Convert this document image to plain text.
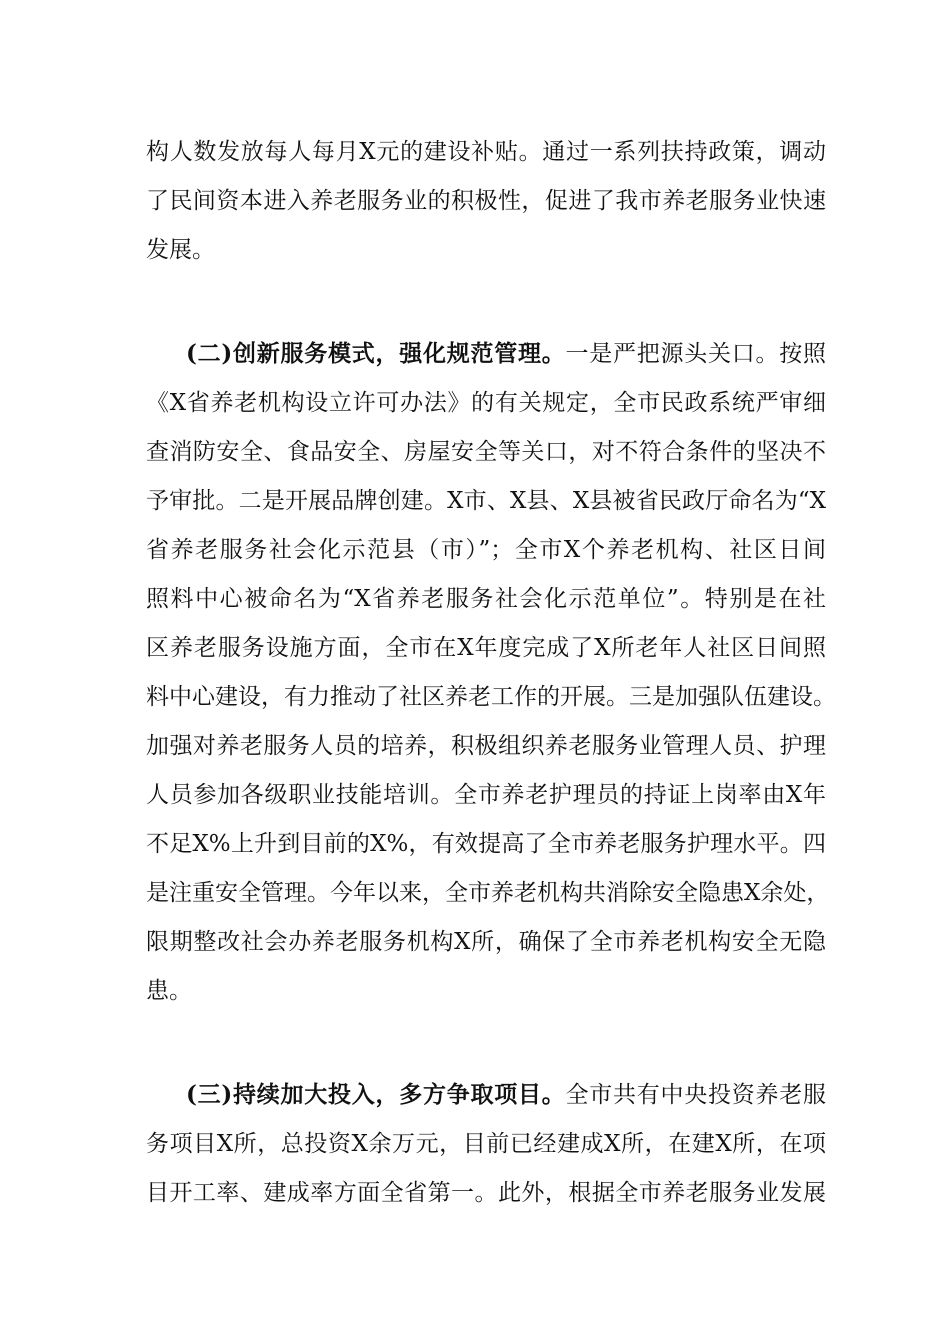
构人数发放每人每月X元的建设补贴。通过一系列扶持政策，调动
了民间资本进入养老服务业的积极性，促进了我市养老服务业快速
发展。
(二)创新服务模式，强化规范管理。一是严把源头关口。按照
《X省养老机构设立许可办法》的有关规定，全市民政系统严审细
查消防安全、食品安全、房屋安全等关口，对不符合条件的坚决不
予审批。二是开展品牌创建。X市、X县、X县被省民政厅命名为“X
省养老服务社会化示范县（市）”；全市X个养老机构、社区日间
照料中心被命名为“X省养老服务社会化示范单位”。特别是在社
区养老服务设施方面，全市在X年度完成了X所老年人社区日间照
料中心建设，有力推动了社区养老工作的开展。三是加强队伍建设。
加强对养老服务人员的培养，积极组织养老服务业管理人员、护理
人员参加各级职业技能培训。全市养老护理员的持证上岗率由X年
不足X%上升到目前的X%，有效提高了全市养老服务护理水平。四
是注重安全管理。今年以来，全市养老机构共消除安全隐患X余处，
限期整改社会办养老服务机构X所，确保了全市养老机构安全无隐
患。
(三)持续加大投入，多方争取项目。全市共有中央投资养老服
务项目X所，总投资X余万元，目前已经建成X所，在建X所，在项
目开工率、建成率方面全省第一。此外，根据全市养老服务业发展
